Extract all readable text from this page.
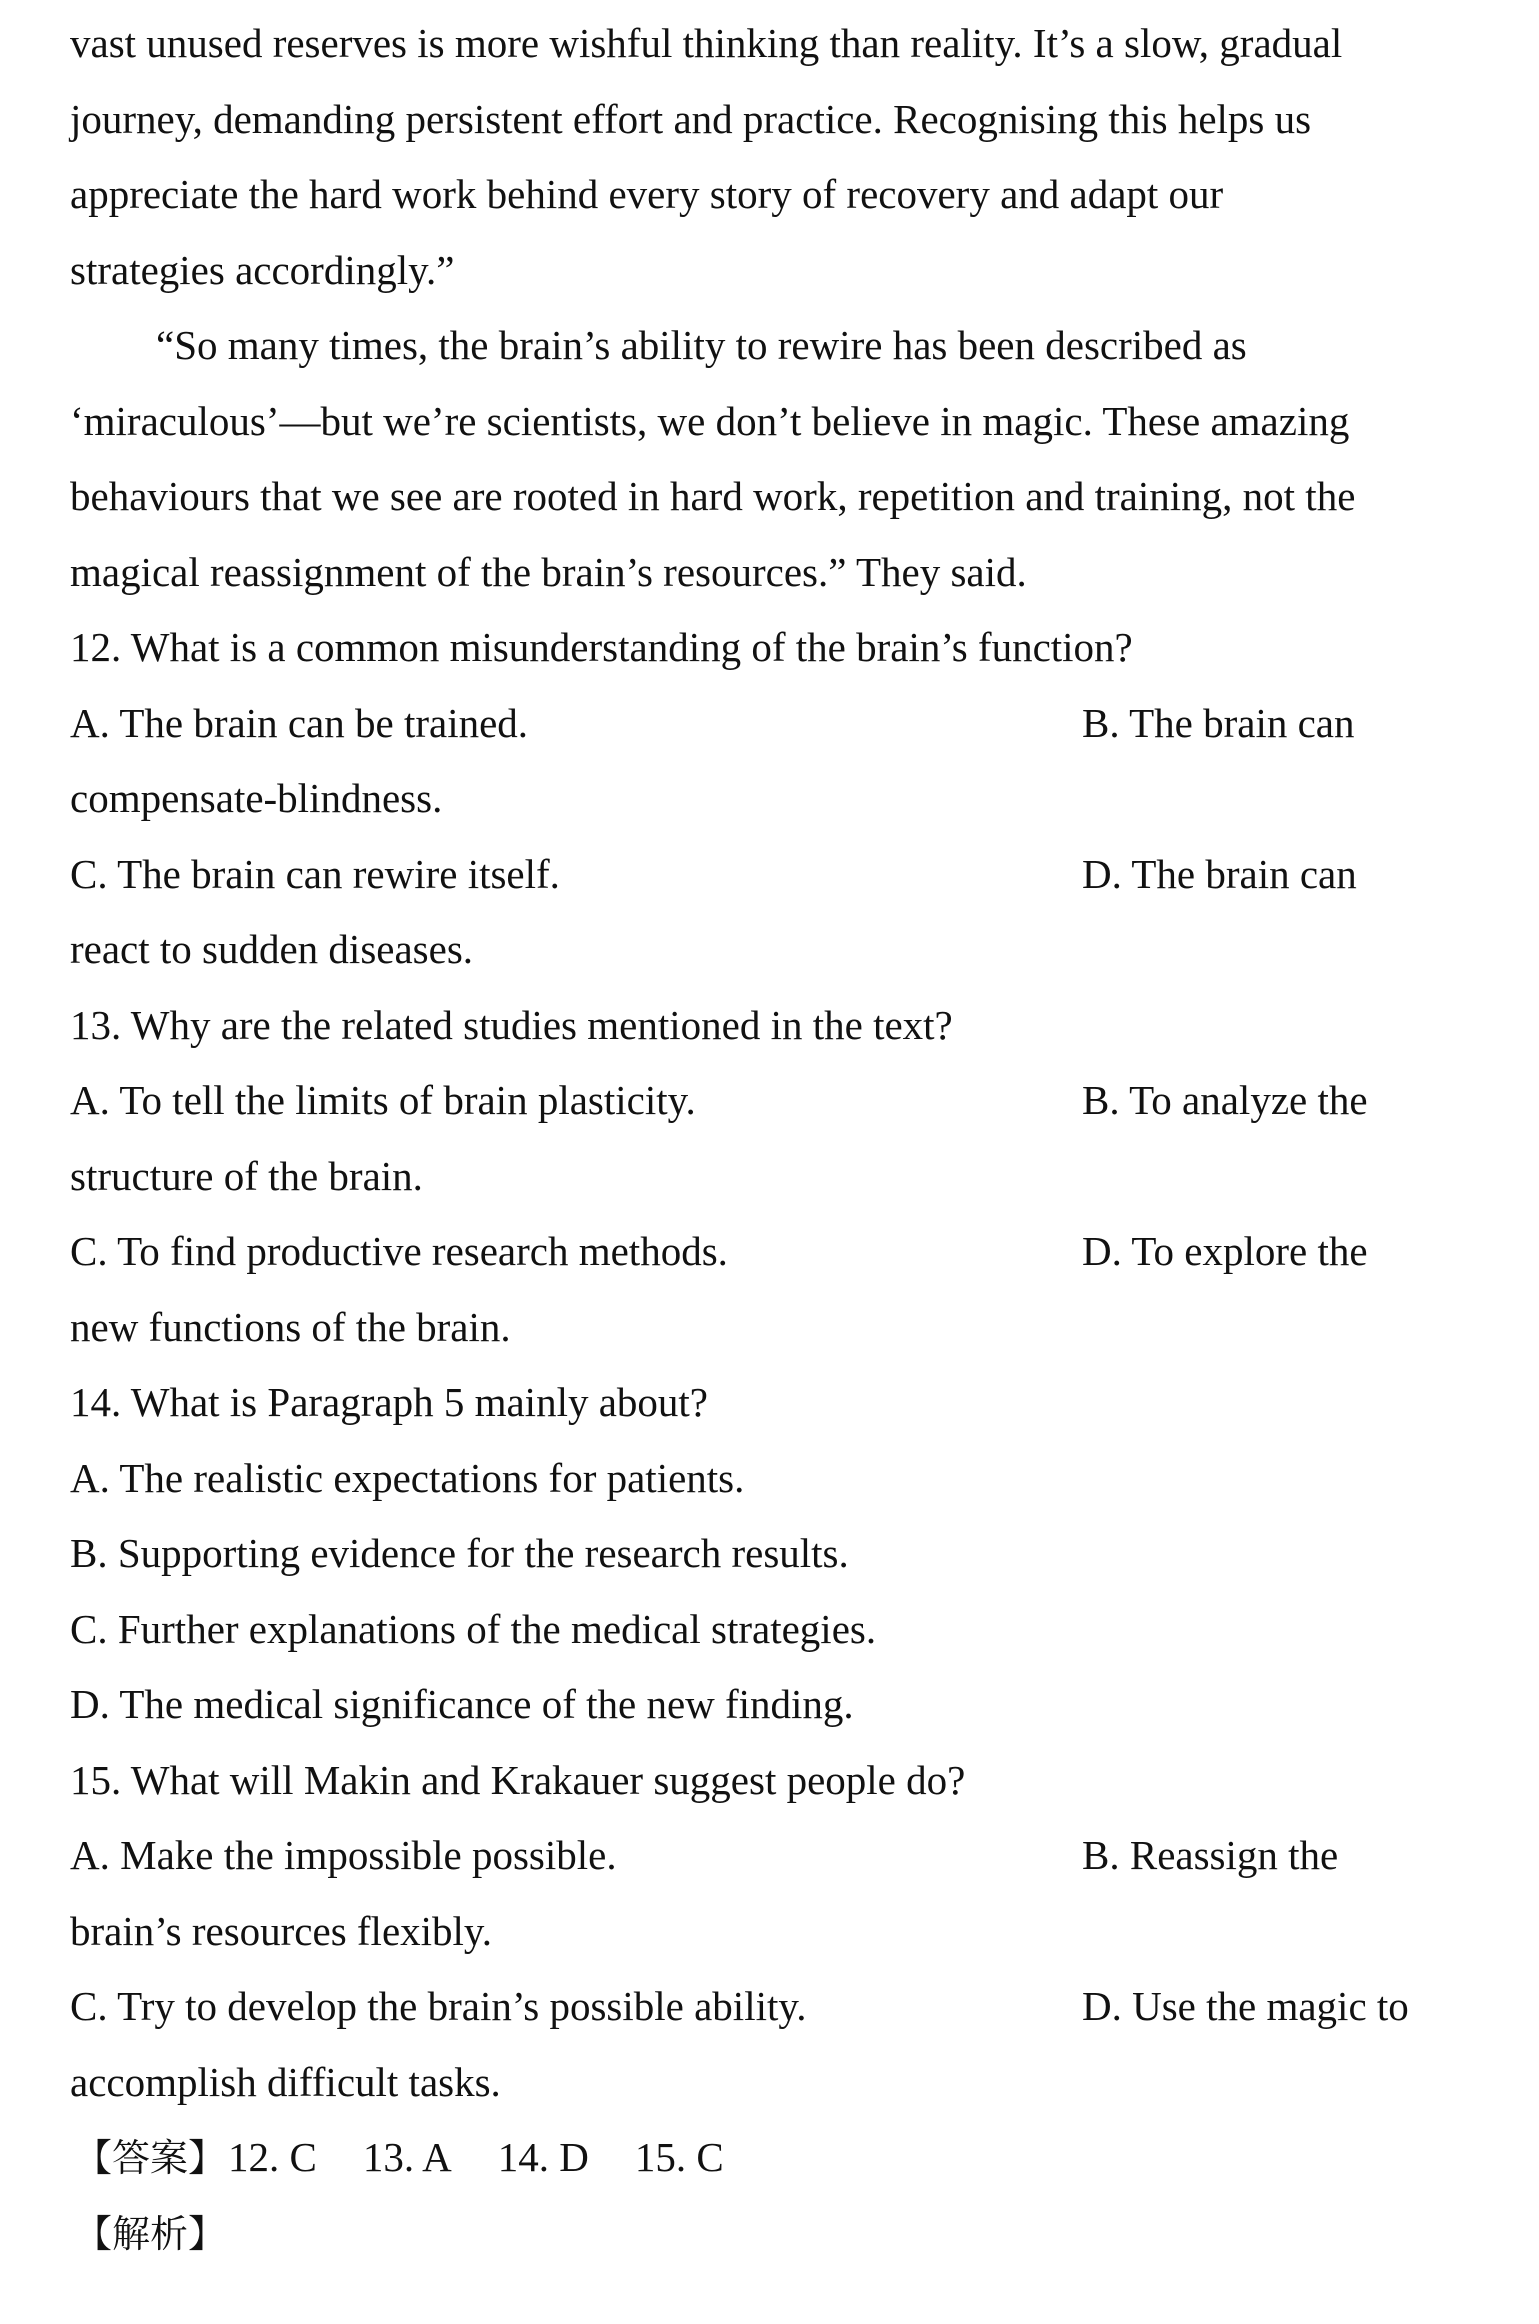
vast unused reserves is more wishful thinking than reality. It’s a slow, gradual
journey, demanding persistent effort and practice. Recognising this helps us
appreciate the hard work behind every story of recovery and adapt our
strategies accordingly.”
“So many times, the brain’s ability to rewire has been described as
‘miraculous’—but we’re scientists, we don’t believe in magic. These amazing
behaviours that we see are rooted in hard work, repetition and training, not the
magical reassignment of the brain’s resources.” They said.
12. What is a common misunderstanding of the brain’s function?
A. The brain can be trained.	B. The brain can
compensate-blindness.
C. The brain can rewire itself.	D. The brain can
react to sudden diseases.
13. Why are the related studies mentioned in the text?
A. To tell the limits of brain plasticity.	B. To analyze the
structure of the brain.
C. To find productive research methods.	D. To explore the
new functions of the brain.
14. What is Paragraph 5 mainly about?
A. The realistic expectations for patients.
B. Supporting evidence for the research results.
C. Further explanations of the medical strategies.
D. The medical significance of the new finding.
15. What will Makin and Krakauer suggest people do?
A. Make the impossible possible.	B. Reassign the
brain’s resources flexibly.
C. Try to develop the brain’s possible ability.	D. Use the magic to
accomplish difficult tasks.
【答案】12. C 13. A 14. D 15. C
【解析】
